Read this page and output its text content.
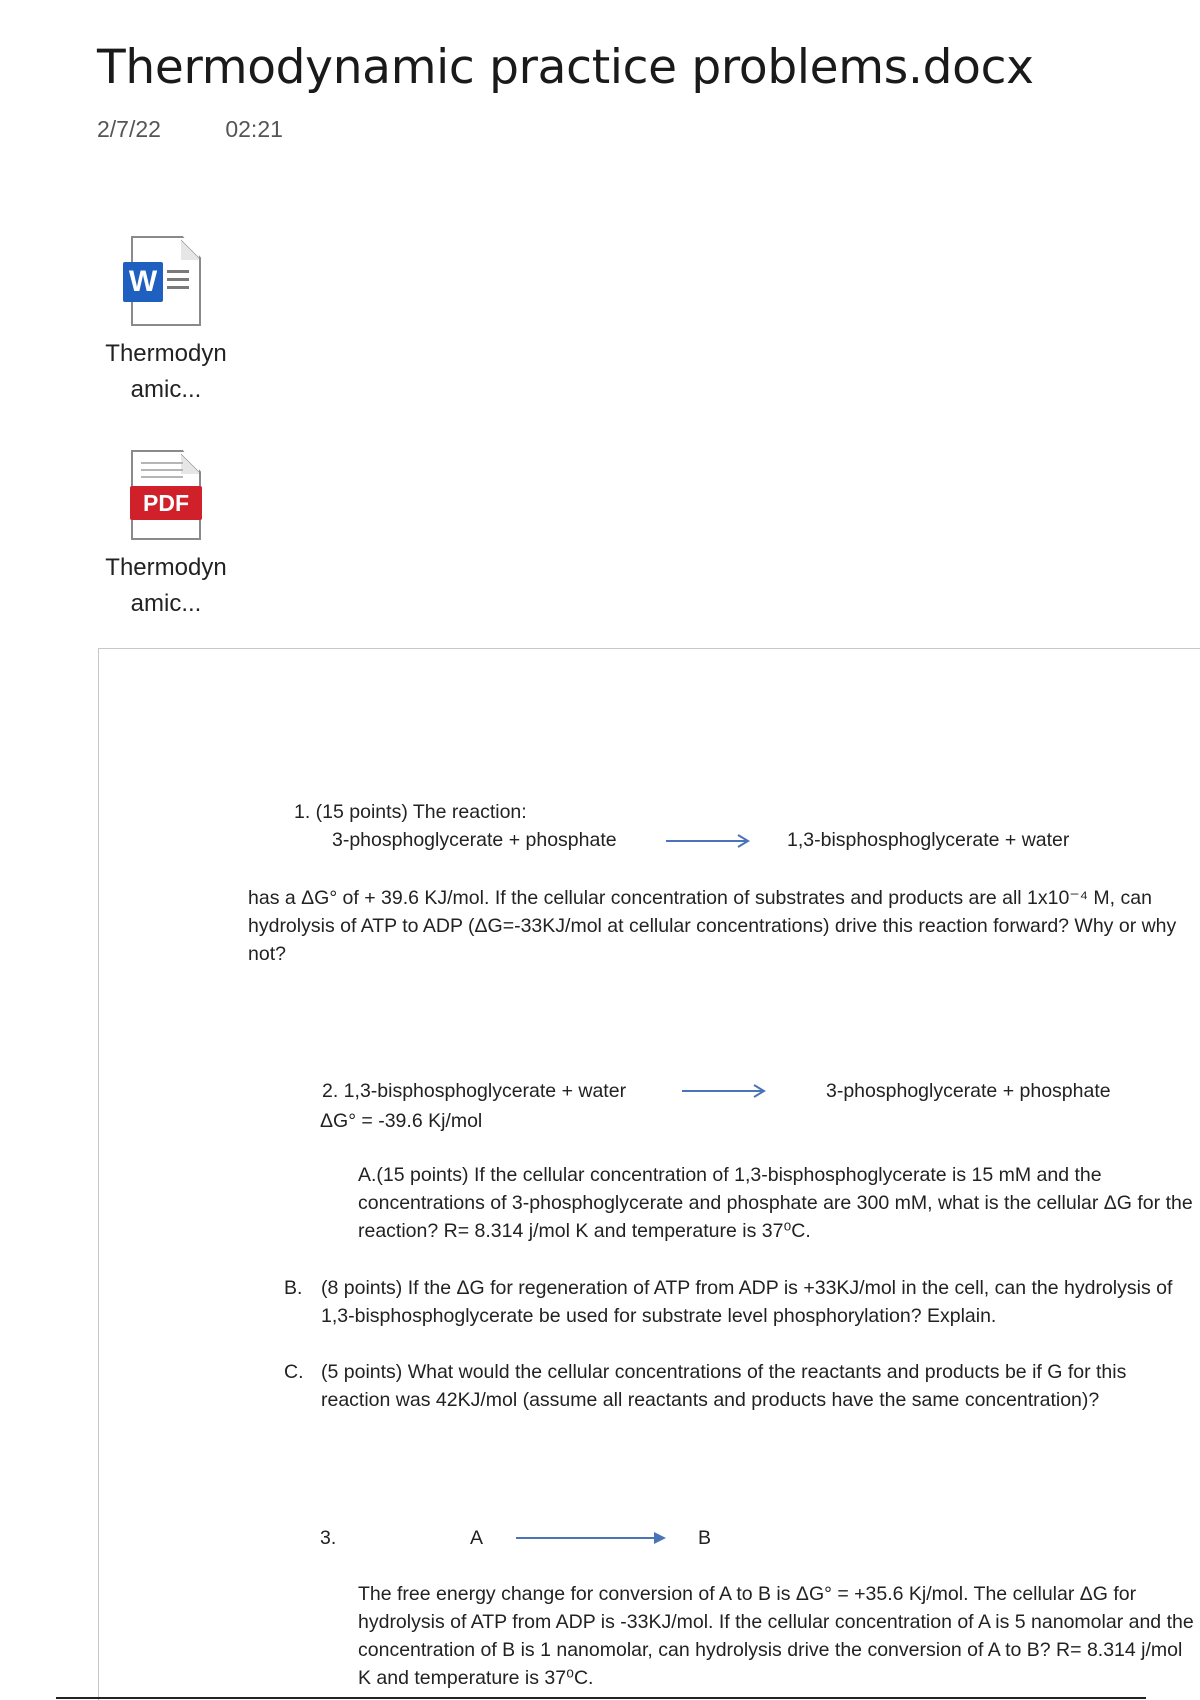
Thermodynamic practice problems.docx
2/7/22	02:21
W
Thermodyn
amic...
PDF
Thermodyn
amic...
1. (15 points) The reaction:
3-phosphoglycerate + phosphate	1,3-bisphosphoglycerate + water
has a ΔG° of + 39.6 KJ/mol. If the cellular concentration of substrates and products are all 1x10⁻⁴ M, can hydrolysis of ATP to ADP (ΔG=-33KJ/mol at cellular concentrations) drive this reaction forward? Why or why not?
2. 1,3-bisphosphoglycerate + water	3-phosphoglycerate + phosphate
ΔG° = -39.6 Kj/mol
A.(15 points) If the cellular concentration of 1,3-bisphosphoglycerate is 15 mM and the concentrations of 3-phosphoglycerate and phosphate are 300 mM, what is the cellular ΔG for the reaction? R= 8.314 j/mol K and temperature is 37⁰C.
B. (8 points) If the ΔG for regeneration of ATP from ADP is +33KJ/mol in the cell, can the hydrolysis of 1,3-bisphosphoglycerate be used for substrate level phosphorylation? Explain.
C. (5 points) What would the cellular concentrations of the reactants and products be if G for this reaction was 42KJ/mol (assume all reactants and products have the same concentration)?
3.	A	B
The free energy change for conversion of A to B is ΔG° = +35.6 Kj/mol. The cellular ΔG for hydrolysis of ATP from ADP is -33KJ/mol. If the cellular concentration of A is 5 nanomolar and the concentration of B is 1 nanomolar, can hydrolysis drive the conversion of A to B? R= 8.314 j/mol K and temperature is 37⁰C.
